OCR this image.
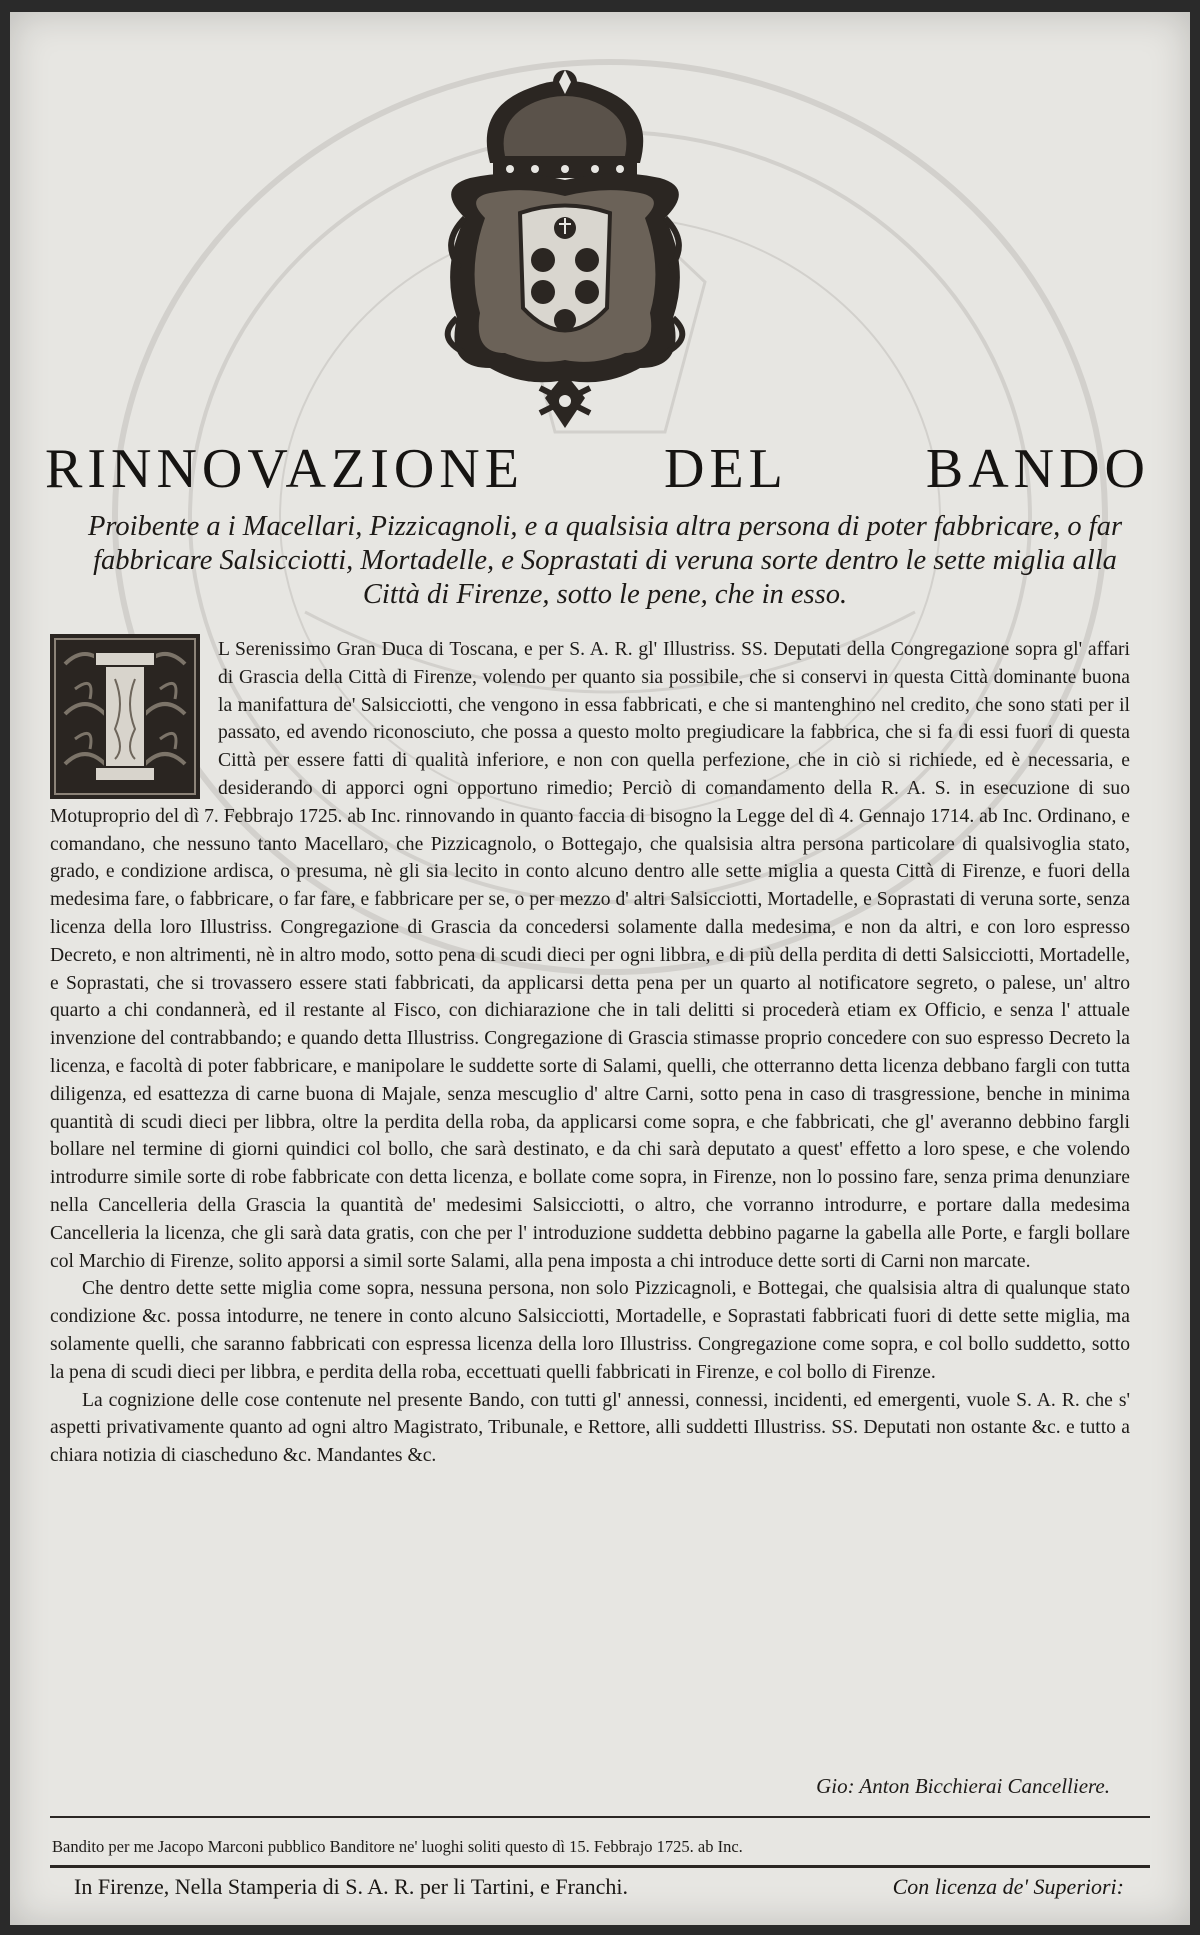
RINNOVAZIONE DEL BANDO
Proibente a i Macellari, Pizzicagnoli, e a qualsisia altra persona di poter fabbricare, o far fabbricare Salsicciotti, Mortadelle, e Soprastati di veruna sorte dentro le sette miglia alla Città di Firenze, sotto le pene, che in esso.

L Serenissimo Gran Duca di Toscana, e per S. A. R. gl' Illustriss. SS. Deputati della Congregazione sopra gl' affari di Grascia della Città di Firenze, volendo per quanto sia possibile, che si conservi in questa Città dominante buona la manifattura de' Salsicciotti, che vengono in essa fabbricati, e che si mantenghino nel credito, che sono stati per il passato, ed avendo riconosciuto, che possa a questo molto pregiudicare la fabbrica, che si fa di essi fuori di questa Città per essere fatti di qualità inferiore, e non con quella perfezione, che in ciò si richiede, ed è necessaria, e desiderando di apporci ogni opportuno rimedio; Perciò di comandamento della R. A. S. in esecuzione di suo Motuproprio del dì 7. Febbrajo 1725. ab Inc. rinnovando in quanto faccia di bisogno la Legge del dì 4. Gennajo 1714. ab Inc. Ordinano, e comandano, che nessuno tanto Macellaro, che Pizzicagnolo, o Bottegajo, che qualsisia altra persona particolare di qualsivoglia stato, grado, e condizione ardisca, o presuma, nè gli sia lecito in conto alcuno dentro alle sette miglia a questa Città di Firenze, e fuori della medesima fare, o fabbricare, o far fare, e fabbricare per se, o per mezzo d' altri Salsicciotti, Mortadelle, e Soprastati di veruna sorte, senza licenza della loro Illustriss. Congregazione di Grascia da concedersi solamente dalla medesima, e non da altri, e con loro espresso Decreto, e non altrimenti, nè in altro modo, sotto pena di scudi dieci per ogni libbra, e di più della perdita di detti Salsicciotti, Mortadelle, e Soprastati, che si trovassero essere stati fabbricati, da applicarsi detta pena per un quarto al notificatore segreto, o palese, un' altro quarto a chi condannerà, ed il restante al Fisco, con dichiarazione che in tali delitti si procederà etiam ex Officio, e senza l' attuale invenzione del contrabbando; e quando detta Illustriss. Congregazione di Grascia stimasse proprio concedere con suo espresso Decreto la licenza, e facoltà di poter fabbricare, e manipolare le suddette sorte di Salami, quelli, che otterranno detta licenza debbano fargli con tutta diligenza, ed esattezza di carne buona di Majale, senza mescuglio d' altre Carni, sotto pena in caso di trasgressione, benche in minima quantità di scudi dieci per libbra, oltre la perdita della roba, da applicarsi come sopra, e che fabbricati, che gl' averanno debbino fargli bollare nel termine di giorni quindici col bollo, che sarà destinato, e da chi sarà deputato a quest' effetto a loro spese, e che volendo introdurre simile sorte di robe fabbricate con detta licenza, e bollate come sopra, in Firenze, non lo possino fare, senza prima denunziare nella Cancelleria della Grascia la quantità de' medesimi Salsicciotti, o altro, che vorranno introdurre, e portare dalla medesima Cancelleria la licenza, che gli sarà data gratis, con che per l' introduzione suddetta debbino pagarne la gabella alle Porte, e fargli bollare col Marchio di Firenze, solito apporsi a simil sorte Salami, alla pena imposta a chi introduce dette sorti di Carni non marcate.

Che dentro dette sette miglia come sopra, nessuna persona, non solo Pizzicagnoli, e Bottegai, che qualsisia altra di qualunque stato condizione &c. possa intodurre, ne tenere in conto alcuno Salsicciotti, Mortadelle, e Soprastati fabbricati fuori di dette sette miglia, ma solamente quelli, che saranno fabbricati con espressa licenza della loro Illustriss. Congregazione come sopra, e col bollo suddetto, sotto la pena di scudi dieci per libbra, e perdita della roba, eccettuati quelli fabbricati in Firenze, e col bollo di Firenze.

La cognizione delle cose contenute nel presente Bando, con tutti gl' annessi, connessi, incidenti, ed emergenti, vuole S. A. R. che s' aspetti privativamente quanto ad ogni altro Magistrato, Tribunale, e Rettore, alli suddetti Illustriss. SS. Deputati non ostante &c. e tutto a chiara notizia di ciascheduno &c. Mandantes &c.

Gio: Anton Bicchierai Cancelliere.
Bandito per me Jacopo Marconi pubblico Banditore ne' luoghi soliti questo dì 15. Febbrajo 1725. ab Inc.
In Firenze, Nella Stamperia di S. A. R. per li Tartini, e Franchi.	Con licenza de' Superiori:
